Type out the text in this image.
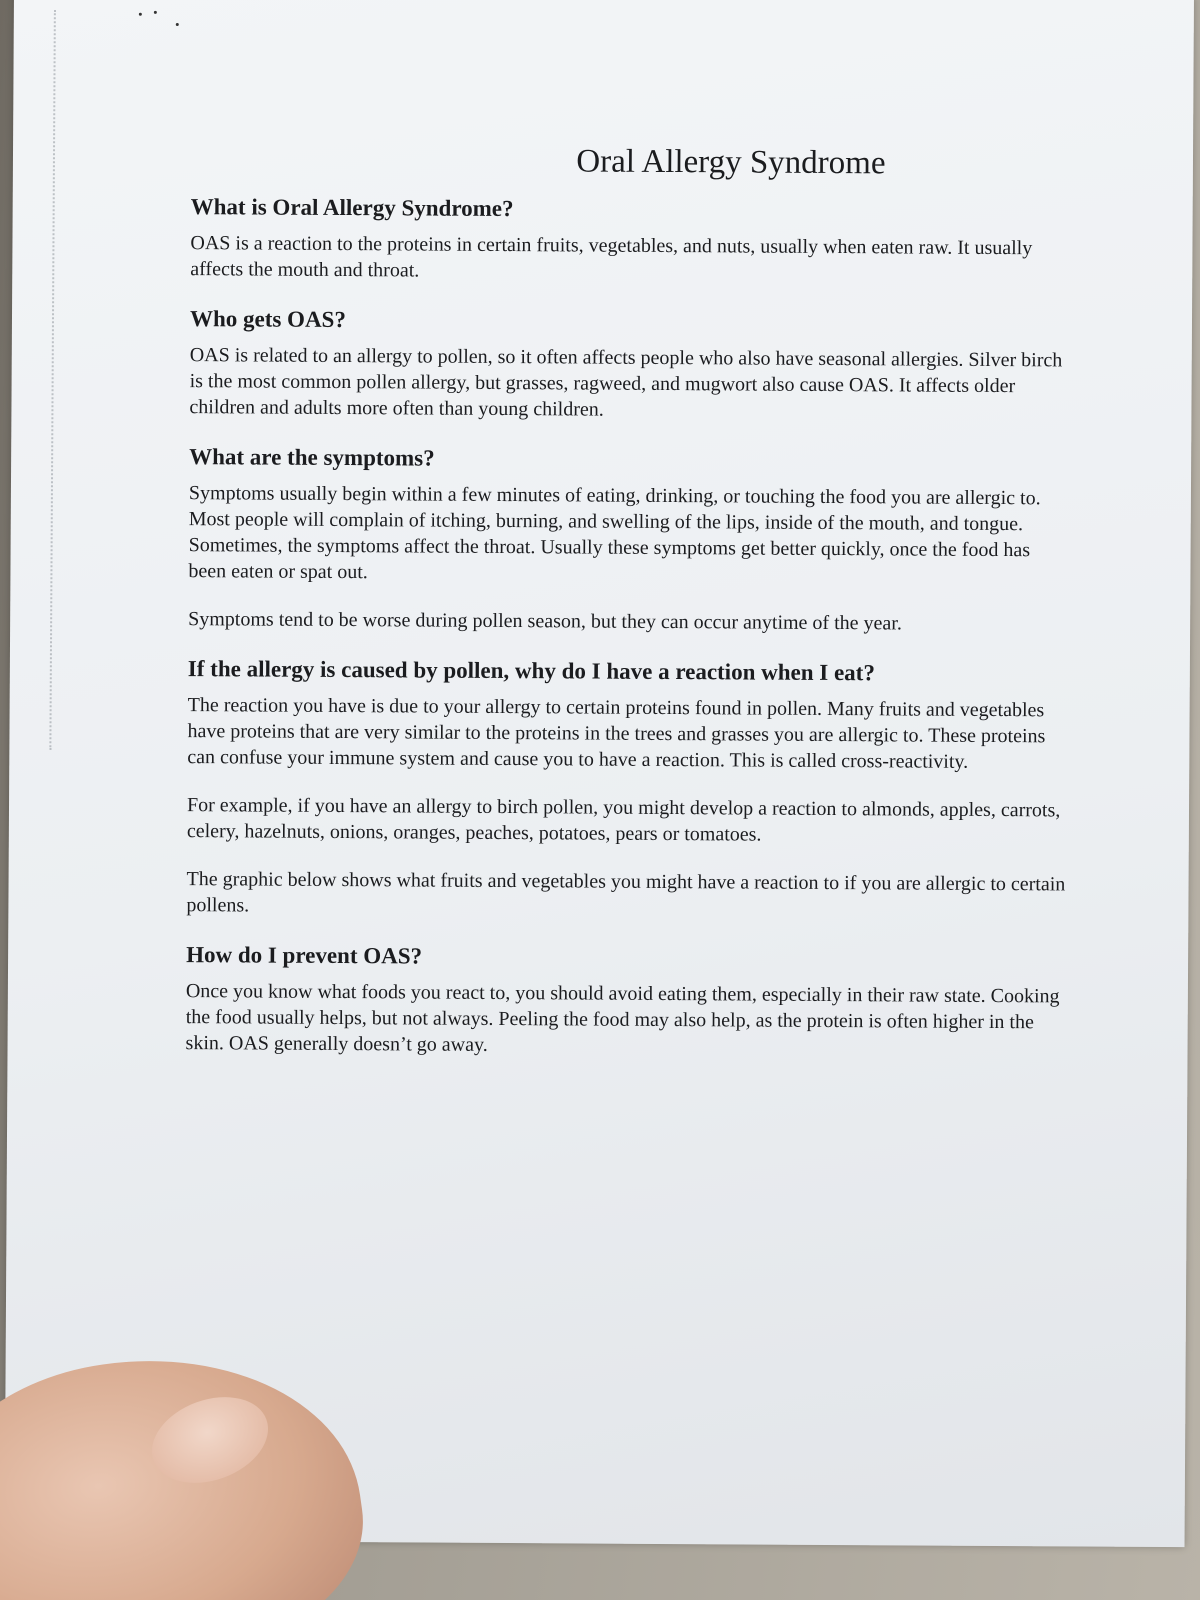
Oral Allergy Syndrome
What is Oral Allergy Syndrome?

OAS is a reaction to the proteins in certain fruits, vegetables, and nuts, usually when eaten raw. It usually affects the mouth and throat.

Who gets OAS?

OAS is related to an allergy to pollen, so it often affects people who also have seasonal allergies. Silver birch is the most common pollen allergy, but grasses, ragweed, and mugwort also cause OAS. It affects older children and adults more often than young children.

What are the symptoms?

Symptoms usually begin within a few minutes of eating, drinking, or touching the food you are allergic to. Most people will complain of itching, burning, and swelling of the lips, inside of the mouth, and tongue. Sometimes, the symptoms affect the throat. Usually these symptoms get better quickly, once the food has been eaten or spat out.

Symptoms tend to be worse during pollen season, but they can occur anytime of the year.

If the allergy is caused by pollen, why do I have a reaction when I eat?

The reaction you have is due to your allergy to certain proteins found in pollen. Many fruits and vegetables have proteins that are very similar to the proteins in the trees and grasses you are allergic to. These proteins can confuse your immune system and cause you to have a reaction. This is called cross-reactivity.

For example, if you have an allergy to birch pollen, you might develop a reaction to almonds, apples, carrots, celery, hazelnuts, onions, oranges, peaches, potatoes, pears or tomatoes.

The graphic below shows what fruits and vegetables you might have a reaction to if you are allergic to certain pollens.

How do I prevent OAS?

Once you know what foods you react to, you should avoid eating them, especially in their raw state. Cooking the food usually helps, but not always. Peeling the food may also help, as the protein is often higher in the skin. OAS generally doesn’t go away.
